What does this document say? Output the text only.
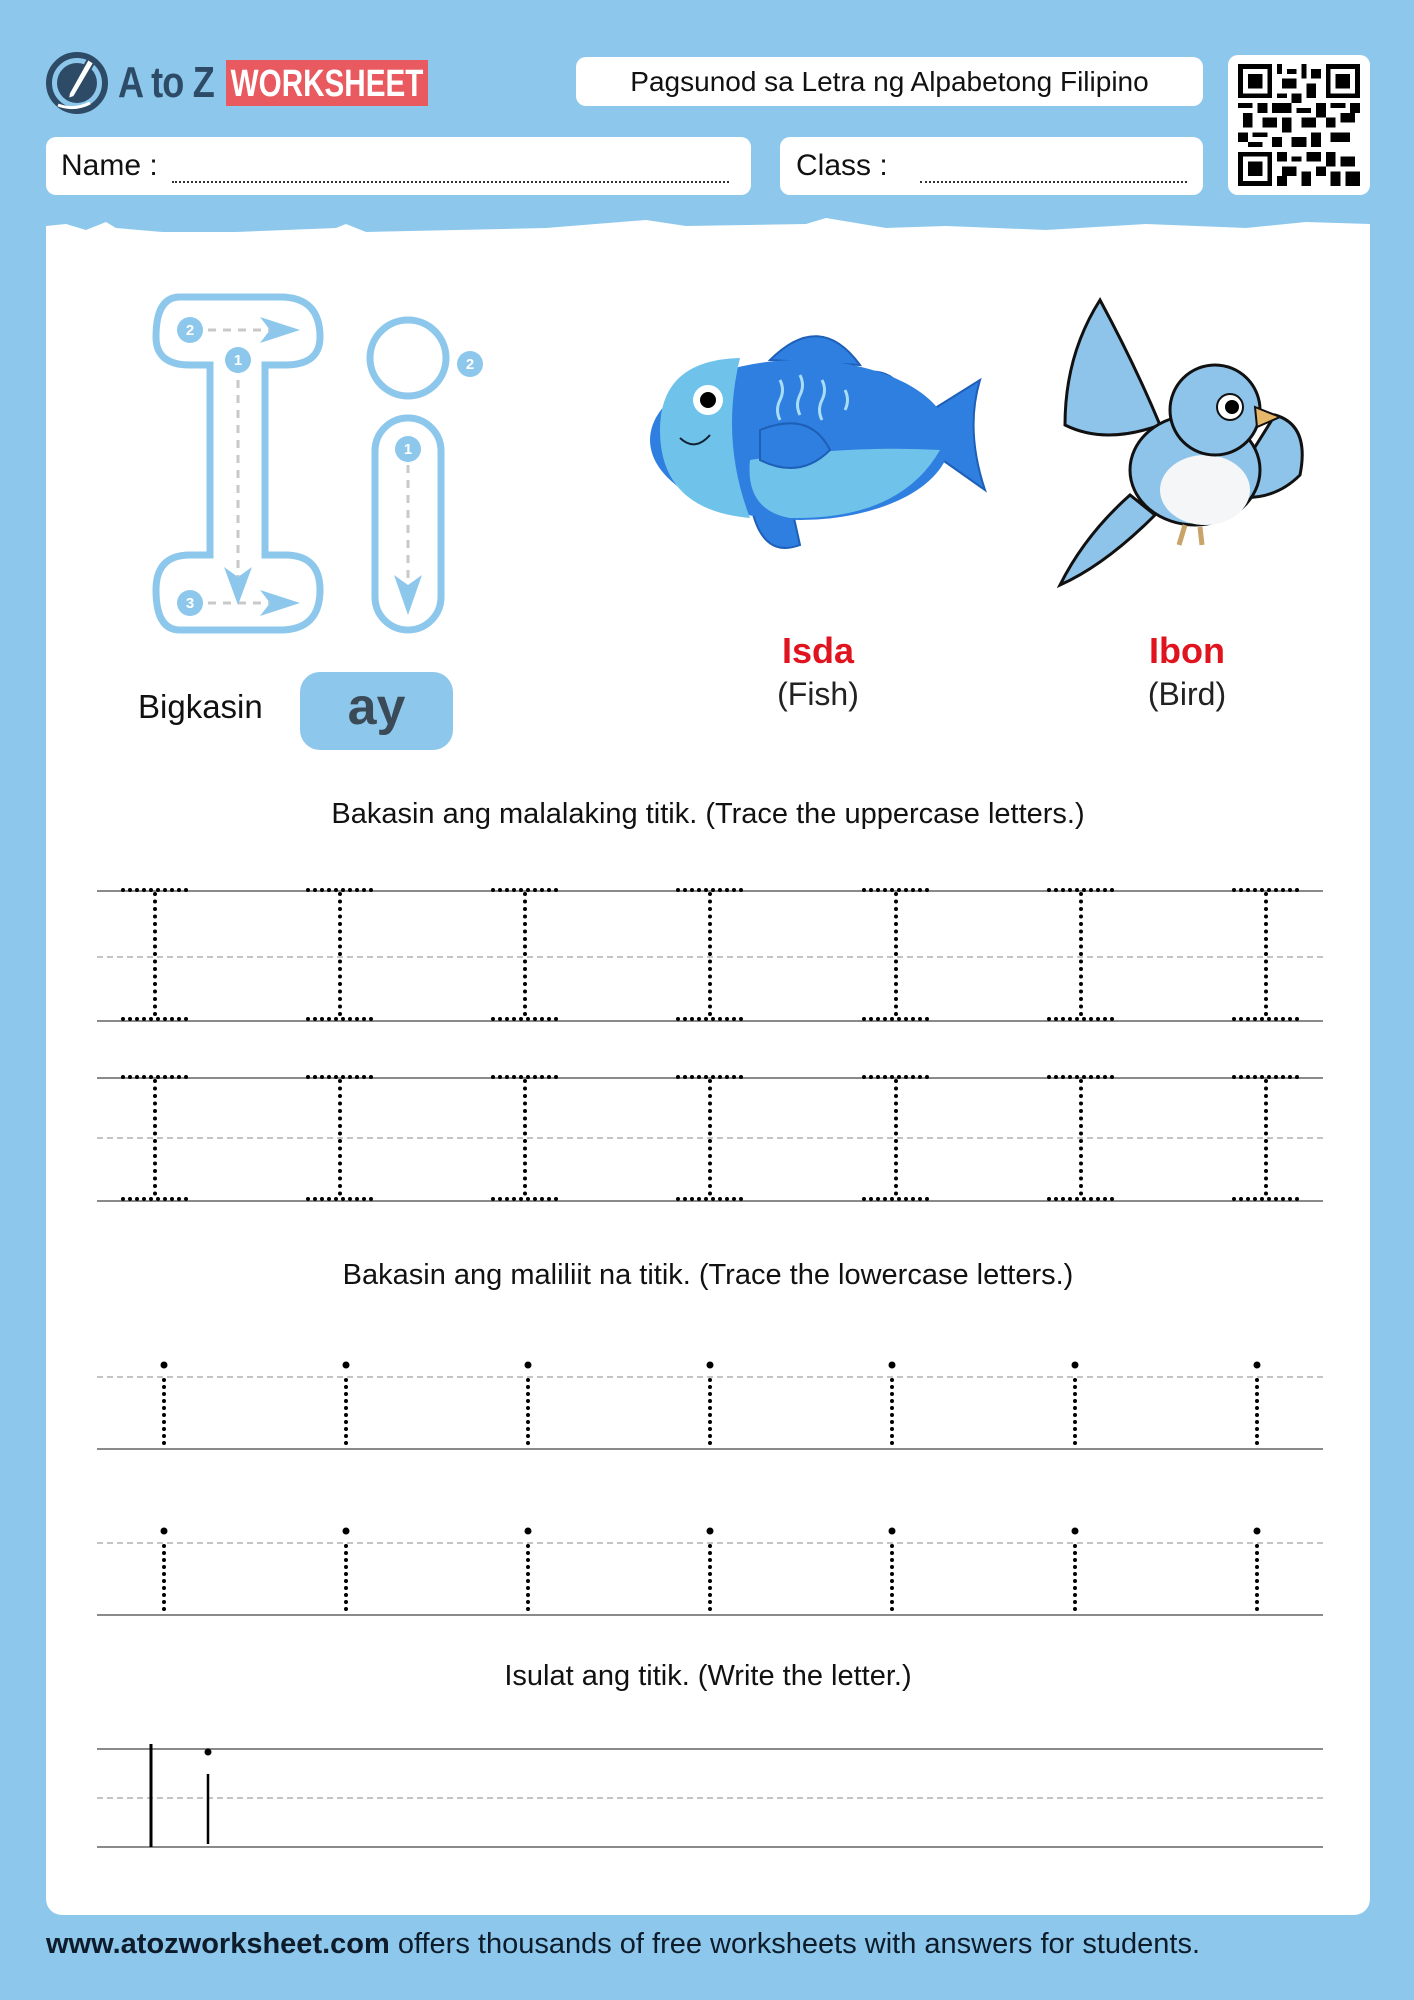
A to Z WORKSHEET	Pagsunod sa Letra ng Alpabetong Filipino
Name :	Class :
2
1
3
1
2
Bigkasin	ay
Isda
(Fish)
Ibon
(Bird)
Bakasin ang malalaking titik. (Trace the uppercase letters.)
Bakasin ang maliliit na titik. (Trace the lowercase letters.)
Isulat ang titik. (Write the letter.)
www.atozworksheet.com offers thousands of free worksheets with answers for students.
